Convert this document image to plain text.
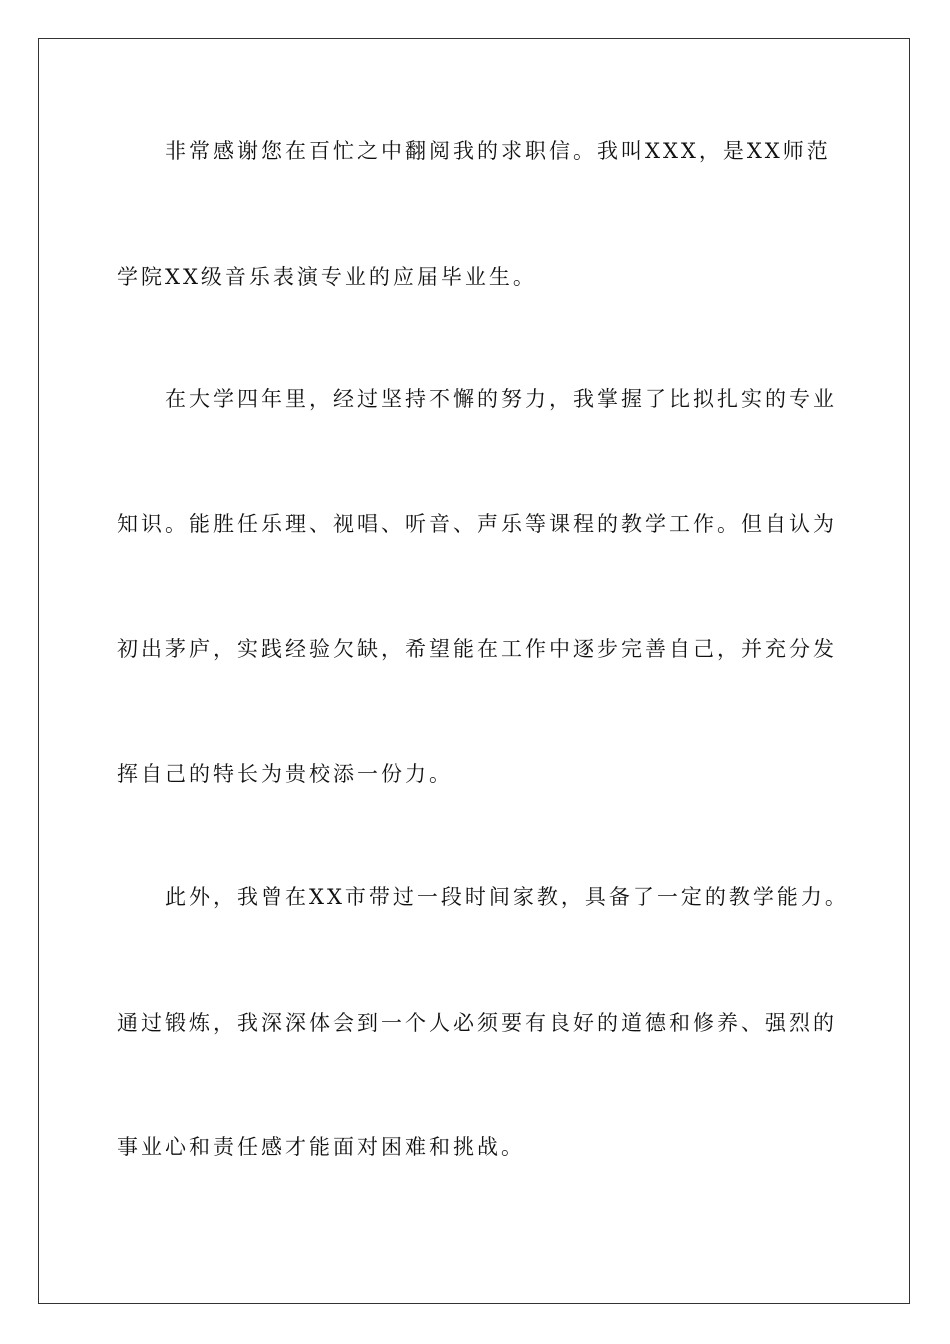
非常感谢您在百忙之中翻阅我的求职信。我叫XXX，是XX师范
学院XX级音乐表演专业的应届毕业生。
在大学四年里，经过坚持不懈的努力，我掌握了比拟扎实的专业
知识。能胜任乐理、视唱、听音、声乐等课程的教学工作。但自认为
初出茅庐，实践经验欠缺，希望能在工作中逐步完善自己，并充分发
挥自己的特长为贵校添一份力。
此外，我曾在XX市带过一段时间家教，具备了一定的教学能力。
通过锻炼，我深深体会到一个人必须要有良好的道德和修养、强烈的
事业心和责任感才能面对困难和挑战。
